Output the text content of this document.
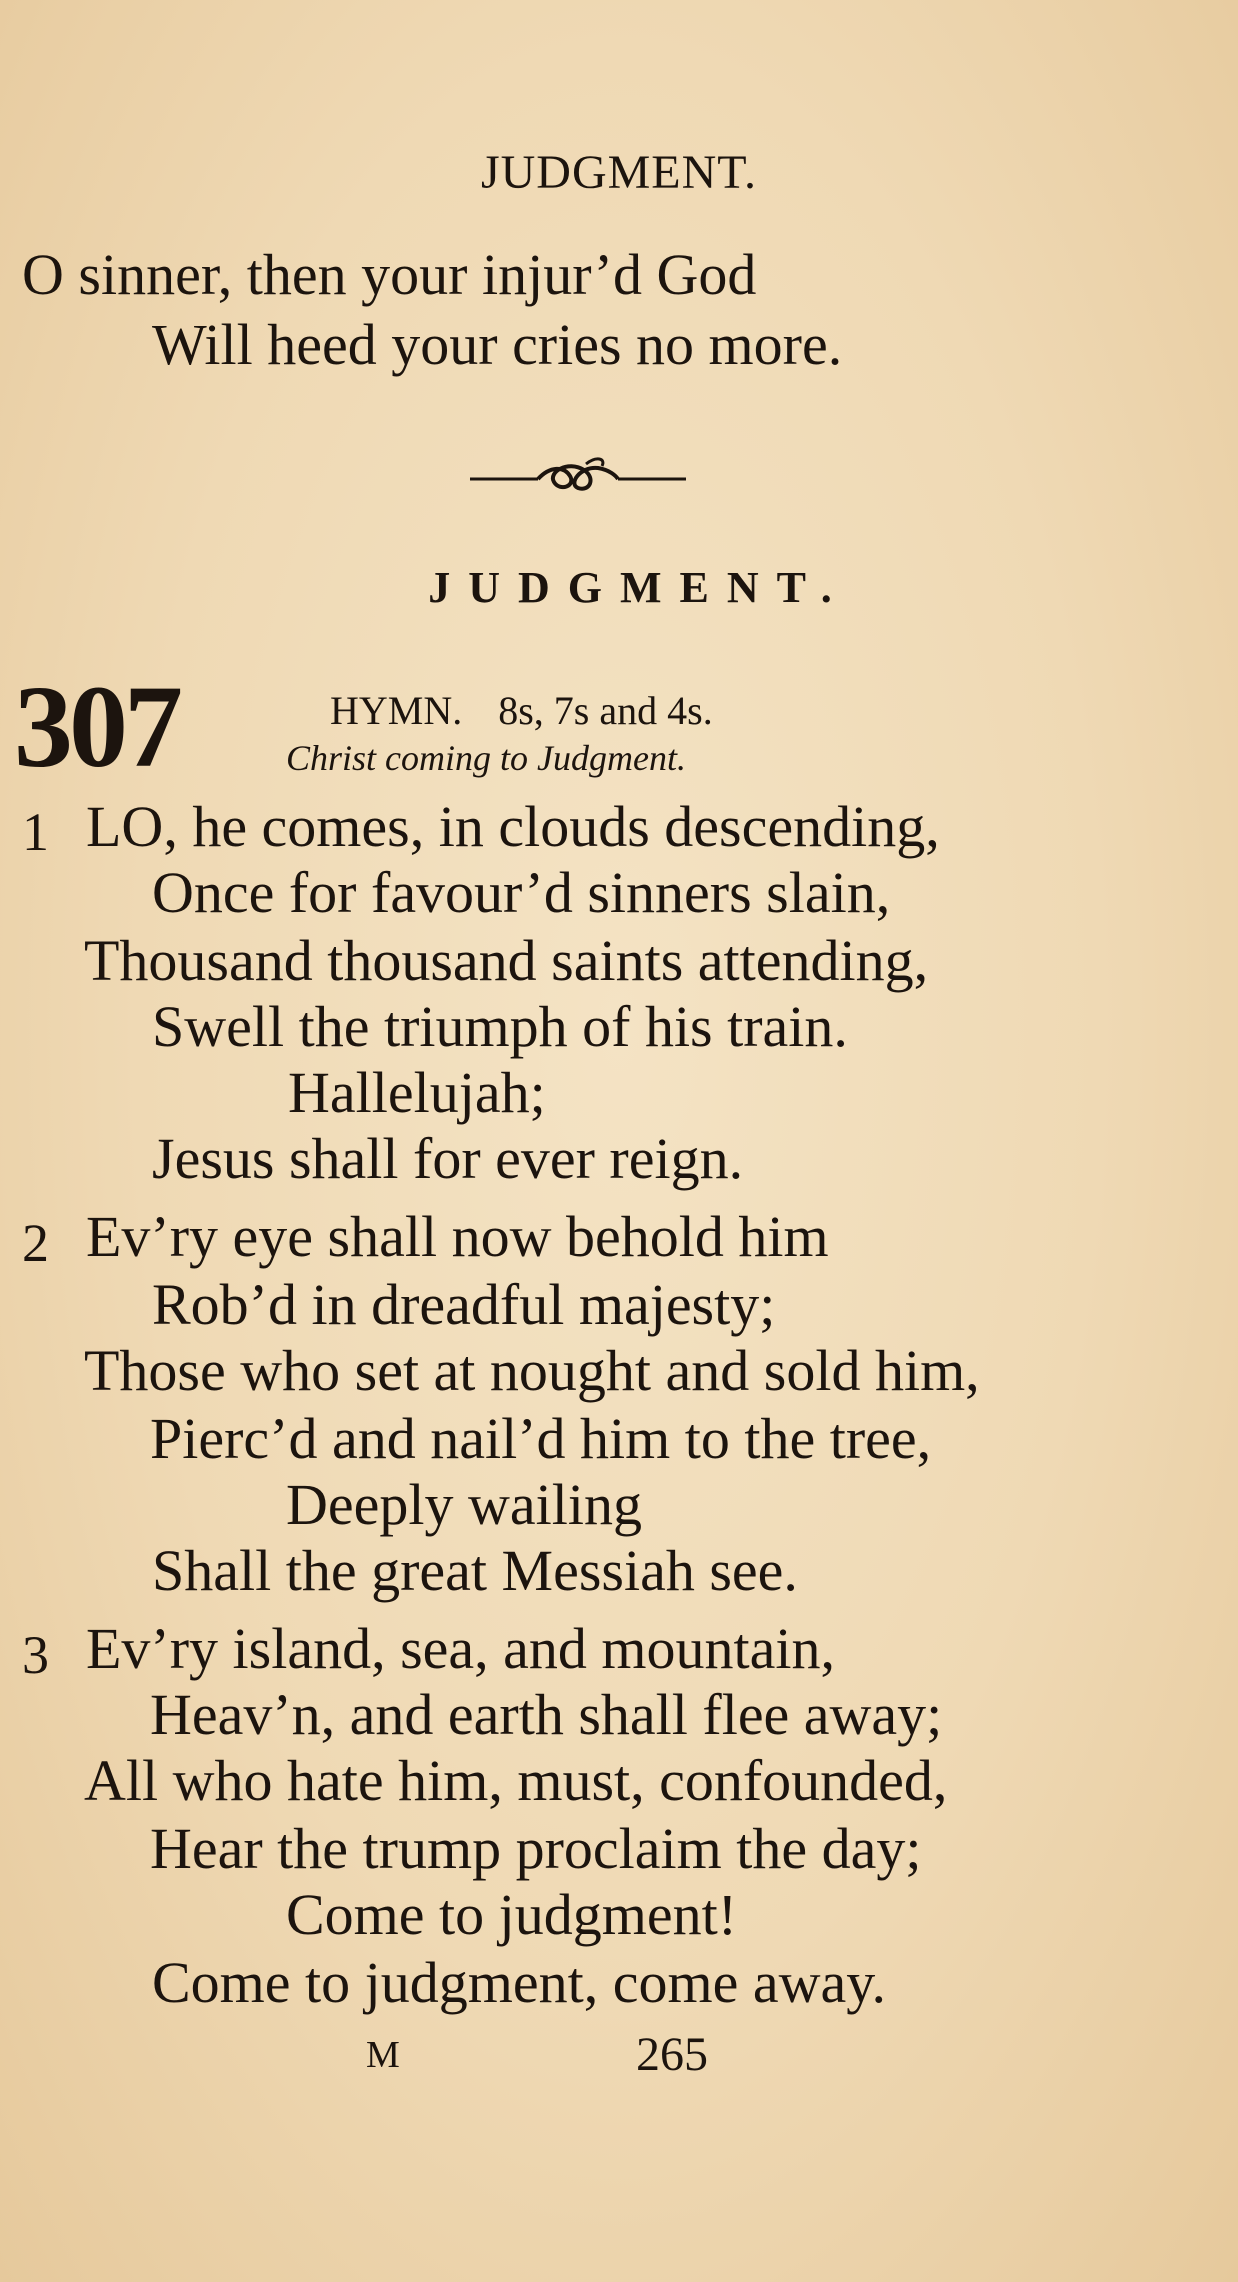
JUDGMENT.
O sinner, then your injur’d God
Will heed your cries no more.
JUDGMENT.
307	HYMN. 8s, 7s and 4s.
Christ coming to Judgment.
1 LO, he comes, in clouds descending,
Once for favour’d sinners slain,
Thousand thousand saints attending,
Swell the triumph of his train.
Hallelujah;
Jesus shall for ever reign.
2 Ev’ry eye shall now behold him
Rob’d in dreadful majesty;
Those who set at nought and sold him,
Pierc’d and nail’d him to the tree,
Deeply wailing
Shall the great Messiah see.
3 Ev’ry island, sea, and mountain,
Heav’n, and earth shall flee away;
All who hate him, must, confounded,
Hear the trump proclaim the day;
Come to judgment!
Come to judgment, come away.
M	265
